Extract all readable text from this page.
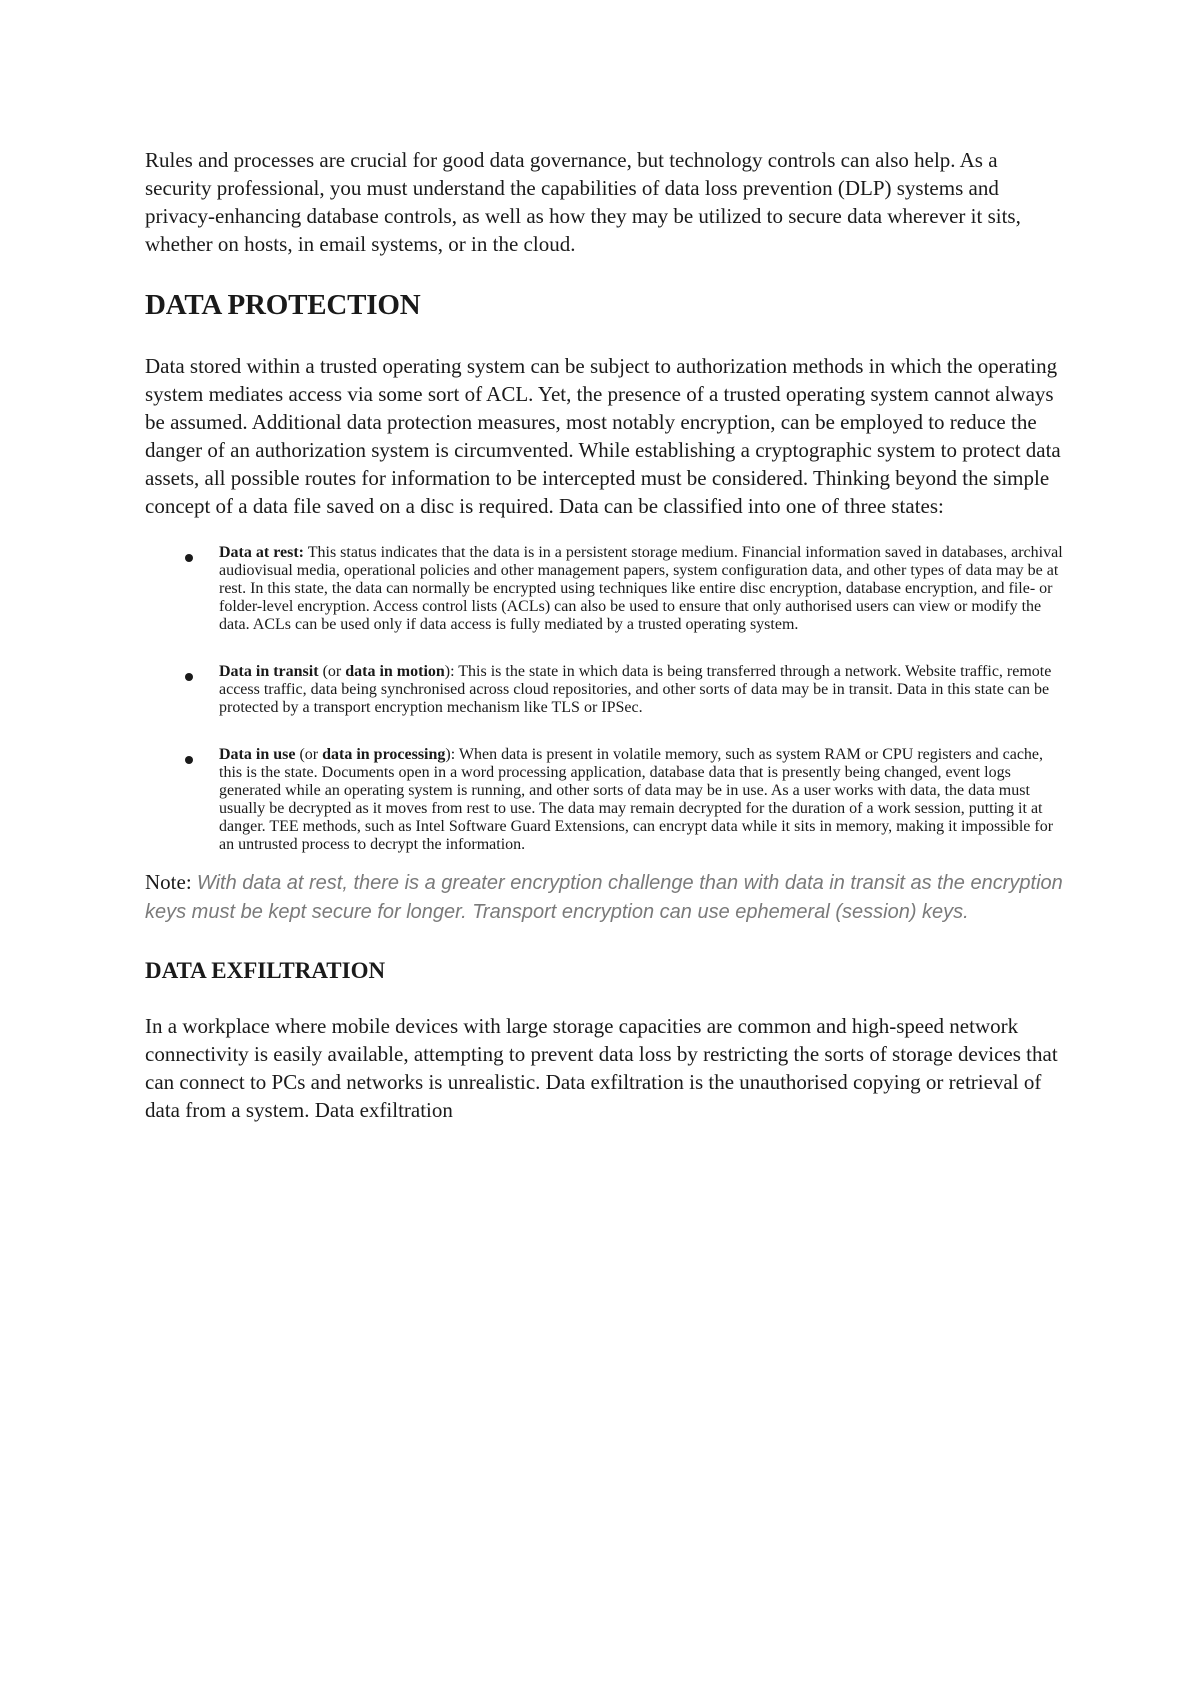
Rules and processes are crucial for good data governance, but technology controls can also help. As a security professional, you must understand the capabilities of data loss prevention (DLP) systems and privacy-enhancing database controls, as well as how they may be utilized to secure data wherever it sits, whether on hosts, in email systems, or in the cloud.

DATA PROTECTION

Data stored within a trusted operating system can be subject to authorization methods in which the operating system mediates access via some sort of ACL. Yet, the presence of a trusted operating system cannot always be assumed. Additional data protection measures, most notably encryption, can be employed to reduce the danger of an authorization system is circumvented. While establishing a cryptographic system to protect data assets, all possible routes for information to be intercepted must be considered. Thinking beyond the simple concept of a data file saved on a disc is required. Data can be classified into one of three states:

Data at rest: This status indicates that the data is in a persistent storage medium. Financial information saved in databases, archival audiovisual media, operational policies and other management papers, system configuration data, and other types of data may be at rest. In this state, the data can normally be encrypted using techniques like entire disc encryption, database encryption, and file- or folder-level encryption. Access control lists (ACLs) can also be used to ensure that only authorised users can view or modify the data. ACLs can be used only if data access is fully mediated by a trusted operating system.
Data in transit (or data in motion): This is the state in which data is being transferred through a network. Website traffic, remote access traffic, data being synchronised across cloud repositories, and other sorts of data may be in transit. Data in this state can be protected by a transport encryption mechanism like TLS or IPSec.
Data in use (or data in processing): When data is present in volatile memory, such as system RAM or CPU registers and cache, this is the state. Documents open in a word processing application, database data that is presently being changed, event logs generated while an operating system is running, and other sorts of data may be in use. As a user works with data, the data must usually be decrypted as it moves from rest to use. The data may remain decrypted for the duration of a work session, putting it at danger. TEE methods, such as Intel Software Guard Extensions, can encrypt data while it sits in memory, making it impossible for an untrusted process to decrypt the information.

Note: With data at rest, there is a greater encryption challenge than with data in transit as the encryption keys must be kept secure for longer. Transport encryption can use ephemeral (session) keys.

DATA EXFILTRATION

In a workplace where mobile devices with large storage capacities are common and high-speed network connectivity is easily available, attempting to prevent data loss by restricting the sorts of storage devices that can connect to PCs and networks is unrealistic. Data exfiltration is the unauthorised copying or retrieval of data from a system. Data exfiltration
